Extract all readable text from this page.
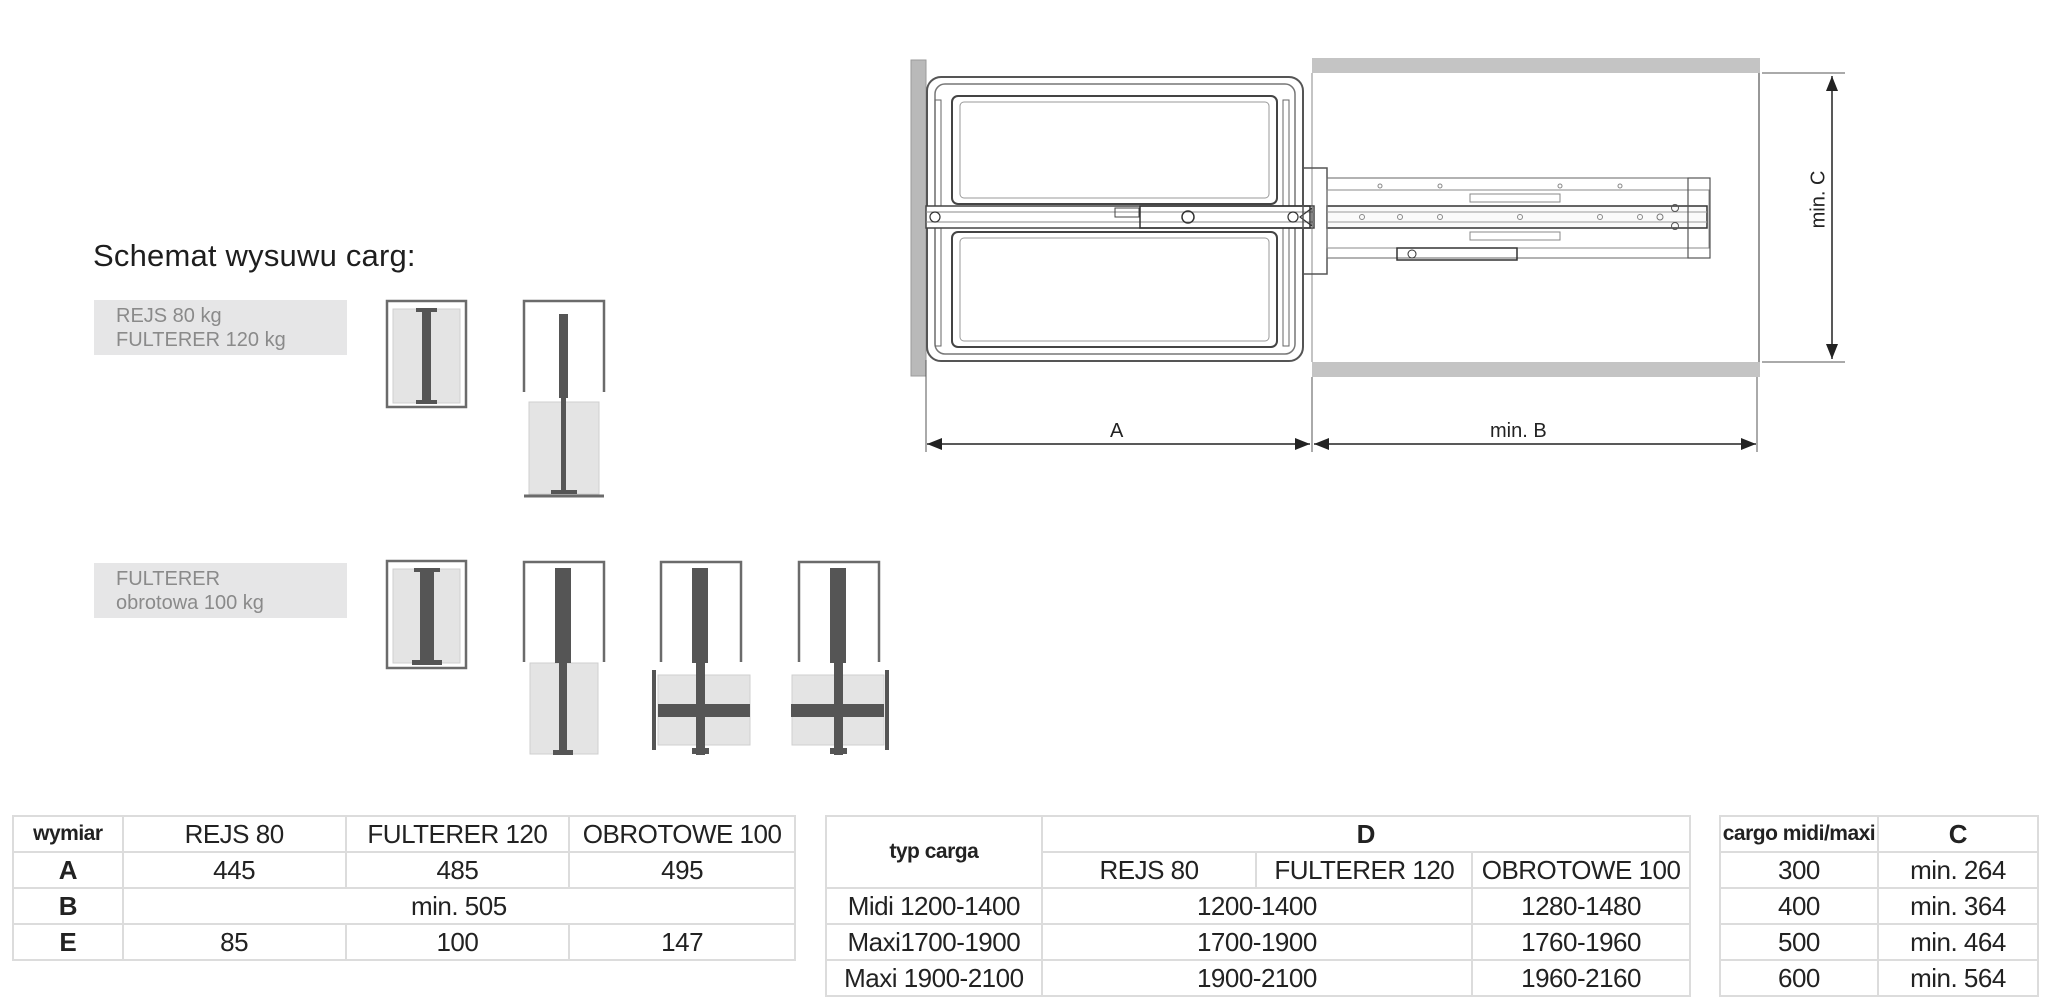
Schemat wysuwu carg:
REJS 80 kg
FULTERER 120 kg
FULTERER
obrotowa 100 kg
A	min. B
min. C
wymiar	REJS 80	FULTERER 120	OBROTOWE 100
A	445	485	495
B	min. 505		
E	85	100	147
typ carga	D		
	REJS 80	FULTERER 120	OBROTOWE 100
Midi 1200-1400	1200-1400		1280-1480
Maxi1700-1900	1700-1900		1760-1960
Maxi 1900-2100	1900-2100		1960-2160
cargo midi/maxi	C
300	min. 264
400	min. 364
500	min. 464
600	min. 564
